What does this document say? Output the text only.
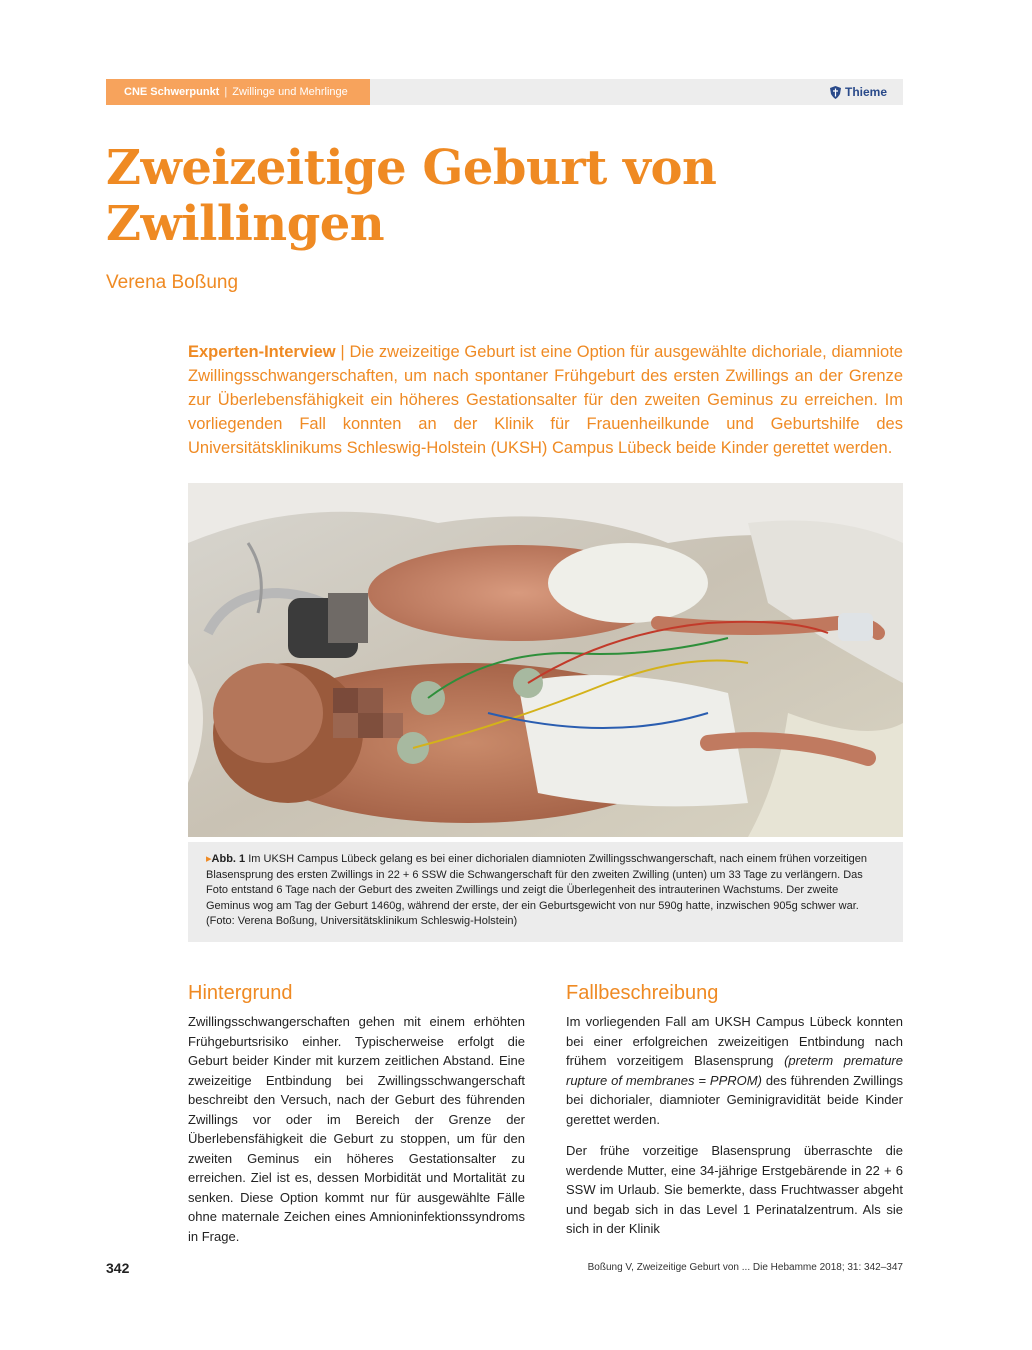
CNE Schwerpunkt | Zwillinge und Mehrlinge	Thieme
Zweizeitige Geburt von Zwillingen

Verena Boßung

Experten-Interview | Die zweizeitige Geburt ist eine Option für ausgewählte dichoriale, diamniote Zwillingsschwangerschaften, um nach spontaner Frühgeburt des ersten Zwillings an der Grenze zur Überlebensfähigkeit ein höheres Gestationsalter für den zweiten Geminus zu erreichen. Im vorliegenden Fall konnten an der Klinik für Frauenheilkunde und Geburtshilfe des Universitätsklinikums Schleswig-Holstein (UKSH) Campus Lübeck beide Kinder gerettet werden.

▸Abb. 1 Im UKSH Campus Lübeck gelang es bei einer dichorialen diamnioten Zwillingsschwangerschaft, nach einem frühen vorzeitigen Blasensprung des ersten Zwillings in 22 + 6 SSW die Schwangerschaft für den zweiten Zwilling (unten) um 33 Tage zu verlängern. Das Foto entstand 6 Tage nach der Geburt des zweiten Zwillings und zeigt die Überlegenheit des intrauterinen Wachstums. Der zweite Geminus wog am Tag der Geburt 1460g, während der erste, der ein Geburtsgewicht von nur 590g hatte, inzwischen 905g schwer war. (Foto: Verena Boßung, Universitätsklinikum Schleswig-Holstein)
Hintergrund

Zwillingsschwangerschaften gehen mit einem erhöhten Frühgeburtsrisiko einher. Typischerweise erfolgt die Geburt beider Kinder mit kurzem zeitlichen Abstand. Eine zweizeitige Entbindung bei Zwillingsschwangerschaft beschreibt den Versuch, nach der Geburt des führenden Zwillings vor oder im Bereich der Grenze der Überlebensfähigkeit die Geburt zu stoppen, um für den zweiten Geminus ein höheres Gestationsalter zu erreichen. Ziel ist es, dessen Morbidität und Mortalität zu senken. Diese Option kommt nur für ausgewählte Fälle ohne maternale Zeichen eines Amnioninfektionssyndroms in Frage.

Fallbeschreibung

Im vorliegenden Fall am UKSH Campus Lübeck konnten bei einer erfolgreichen zweizeitigen Entbindung nach frühem vorzeitigem Blasensprung (preterm premature rupture of membranes = PPROM) des führenden Zwillings bei dichorialer, diamnioter Geminigravidität beide Kinder gerettet werden.

Der frühe vorzeitige Blasensprung überraschte die werdende Mutter, eine 34-jährige Erstgebärende in 22 + 6 SSW im Urlaub. Sie bemerkte, dass Fruchtwasser abgeht und begab sich in das Level 1 Perinatalzentrum. Als sie sich in der Klinik

342	Boßung V, Zweizeitige Geburt von ... Die Hebamme 2018; 31: 342–347
